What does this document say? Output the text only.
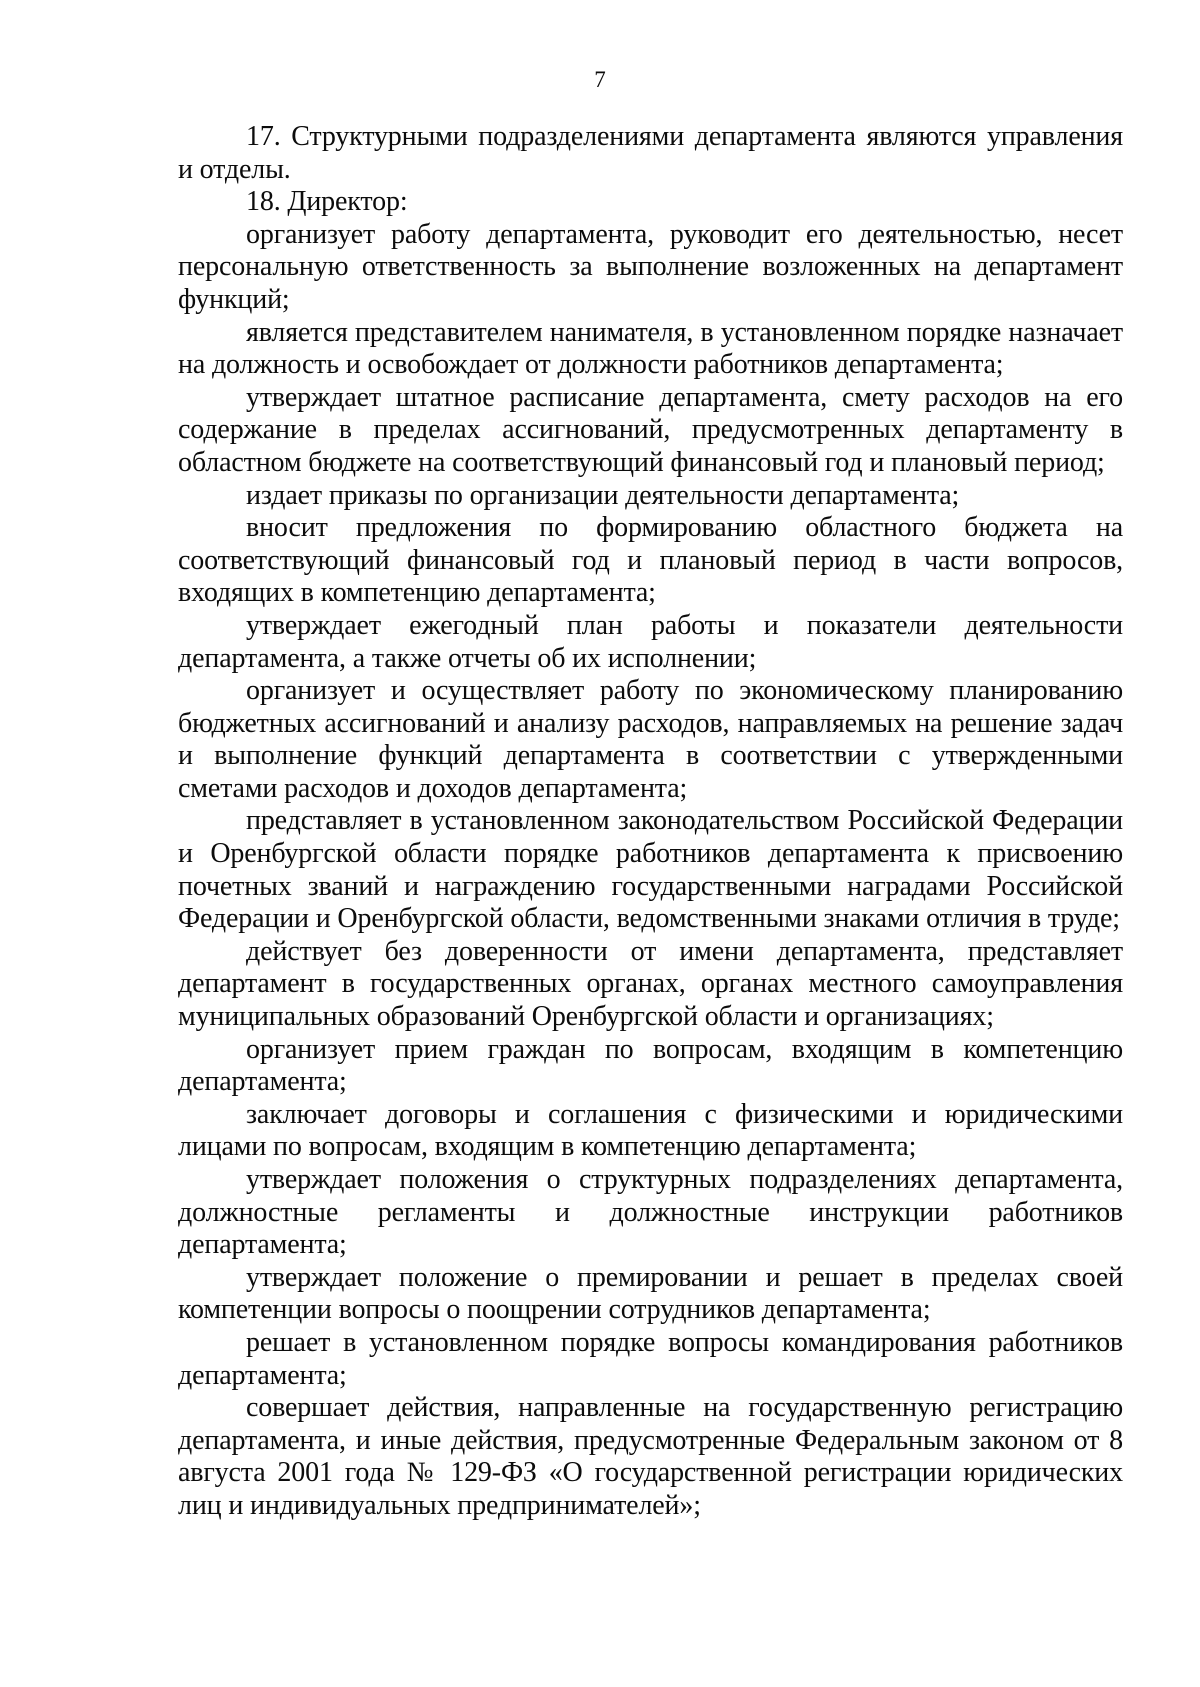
7

17. Структурными подразделениями департамента являются управления и отделы.

18. Директор:

организует работу департамента, руководит его деятельностью, несет персональную ответственность за выполнение возложенных на департамент функций;

является представителем нанимателя, в установленном порядке назначает на должность и освобождает от должности работников департамента;

утверждает штатное расписание департамента, смету расходов на его содержание в пределах ассигнований, предусмотренных департаменту в областном бюджете на соответствующий финансовый год и плановый период;

издает приказы по организации деятельности департамента;

вносит предложения по формированию областного бюджета на соответствующий финансовый год и плановый период в части вопросов, входящих в компетенцию департамента;

утверждает ежегодный план работы и показатели деятельности департамента, а также отчеты об их исполнении;

организует и осуществляет работу по экономическому планированию бюджетных ассигнований и анализу расходов, направляемых на решение задач и выполнение функций департамента в соответствии с утвержденными сметами расходов и доходов департамента;

представляет в установленном законодательством Российской Федерации и Оренбургской области порядке работников департамента к присвоению почетных званий и награждению государственными наградами Российской Федерации и Оренбургской области, ведомственными знаками отличия в труде;

действует без доверенности от имени департамента, представляет департамент в государственных органах, органах местного самоуправления муниципальных образований Оренбургской области и организациях;

организует прием граждан по вопросам, входящим в компетенцию департамента;

заключает договоры и соглашения с физическими и юридическими лицами по вопросам, входящим в компетенцию департамента;

утверждает положения о структурных подразделениях департамента, должностные регламенты и должностные инструкции работников департамента;

утверждает положение о премировании и решает в пределах своей компетенции вопросы о поощрении сотрудников департамента;

решает в установленном порядке вопросы командирования работников департамента;

совершает действия, направленные на государственную регистрацию департамента, и иные действия, предусмотренные Федеральным законом от 8 августа 2001 года № 129-ФЗ «О государственной регистрации юридических лиц и индивидуальных предпринимателей»;
